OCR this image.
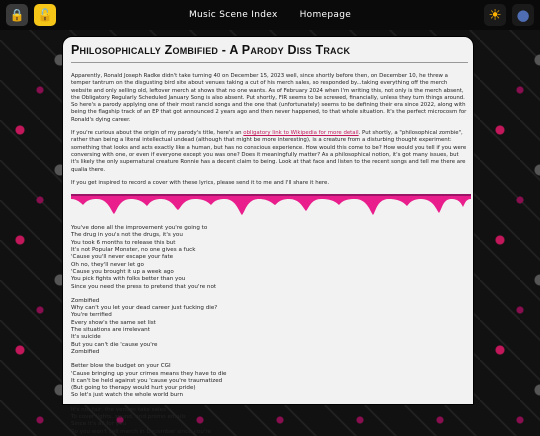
🔒 🔓	Music Scene Index Homepage	☀ ●
Philosophically Zombified - A Parody Diss Track

Apparently, Ronald Joseph Radke didn't take turning 40 on December 15, 2023 well, since shortly before then, on December 10, he threw a temper tantrum on the disgusting bird site about venues taking a cut of his merch sales, so responded by...taking everything off the merch website and only selling old, leftover merch at shows that no one wants. As of February 2024 when I'm writing this, not only is the merch absent, the Obligatory Regularly Scheduled January Song is also absent. Put shortly, FIR seems to be screwed, financially, unless they turn things around. So here's a parody applying one of their most rancid songs and the one that (unfortunately) seems to be defining their era since 2022, along with being the flagship track of an EP that got announced 2 years ago and then never happened, to that whole situation. It's the perfect microcosm for Ronald's dying career.

If you're curious about the origin of my parody's title, here's an obligatory link to Wikipedia for more detail. Put shortly, a "philosophical zombie", rather than being a literal intellectual undead (although that might be more interesting), is a creature from a disturbing thought experiment: something that looks and acts exactly like a human, but has no conscious experience. How would this come to be? How would you tell if you were conversing with one, or even if everyone except you was one? Does it meaningfully matter? As a philosophical notion, it's got many issues, but it's likely the only supernatural creature Ronnie has a decent claim to being. Look at that face and listen to the recent songs and tell me there are qualia there.

If you get inspired to record a cover with these lyrics, please send it to me and I'll share it here.

You've done all the improvement you're going to
The drug in you's not the drugs, it's you
You took 6 months to release this but
It's not Popular Monster, no one gives a fuck
'Cause you'll never escape your fate
Oh no, they'll never let go
'Cause you brought it up a week ago
You pick fights with folks better than you
Since you need the press to pretend that you're not
Zombified
Why can't you let your dead career just fucking die?
You're terrified
Every show's the same set list
The situations are irrelevant
It's suicide
But you can't die 'cause you're
Zombified
Better blow the budget on your CGI
'Cause bringing up your crimes means they have to die
It can't be held against you 'cause you're traumatized
(But going to therapy would hurt your pride)
So let's just watch the whole world burn
It's not fair, the venues take sales
To cover lights, sound, and promo emails
Since it's all for you
So you won't sell merch in December since you're
